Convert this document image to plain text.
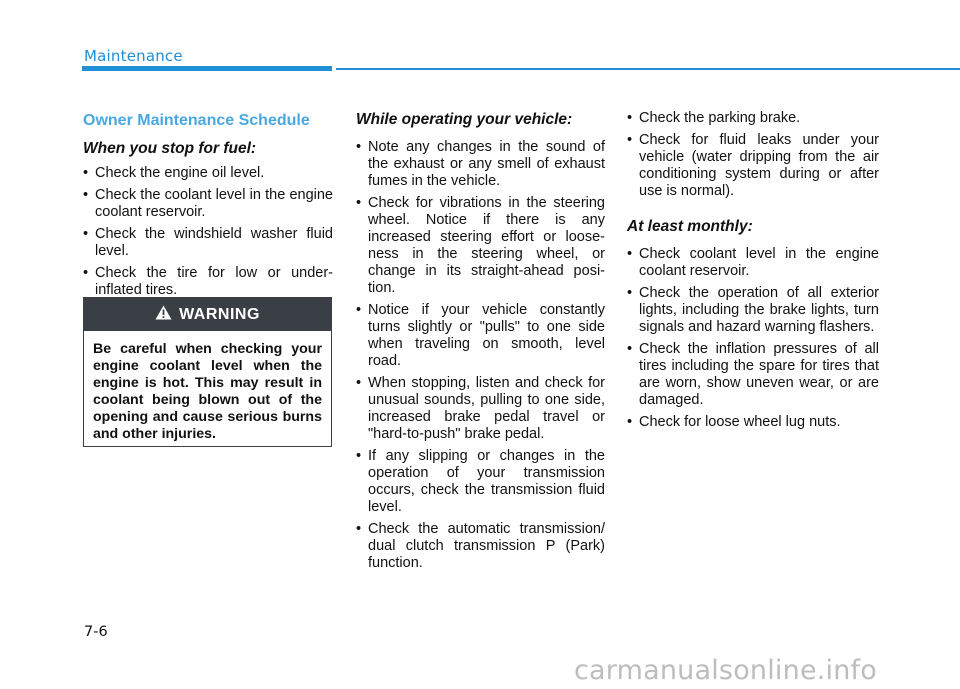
Maintenance
Owner Maintenance Schedule
When you stop for fuel:
• Check the engine oil level.
• Check the coolant level in the engine coolant reservoir.
• Check the windshield washer fluid level.
• Check the tire for low or under-inflated tires.
WARNING
Be careful when checking your engine coolant level when the engine is hot. This may result in coolant being blown out of the opening and cause serious burns and other injuries.
While operating your vehicle:
• Note any changes in the sound of the exhaust or any smell of exhaust fumes in the vehicle.
• Check for vibrations in the steering wheel. Notice if there is any increased steering effort or loose-ness in the steering wheel, or change in its straight-ahead posi-tion.
• Notice if your vehicle constantly turns slightly or "pulls" to one side when traveling on smooth, level road.
• When stopping, listen and check for unusual sounds, pulling to one side, increased brake pedal travel or "hard-to-push" brake pedal.
• If any slipping or changes in the operation of your transmission occurs, check the transmission fluid level.
• Check the automatic transmission/ dual clutch transmission P (Park) function.
• Check the parking brake.
• Check for fluid leaks under your vehicle (water dripping from the air conditioning system during or after use is normal).
At least monthly:
• Check coolant level in the engine coolant reservoir.
• Check the operation of all exterior lights, including the brake lights, turn signals and hazard warning flashers.
• Check the inflation pressures of all tires including the spare for tires that are worn, show uneven wear, or are damaged.
• Check for loose wheel lug nuts.
7-6
carmanualsonline.info
